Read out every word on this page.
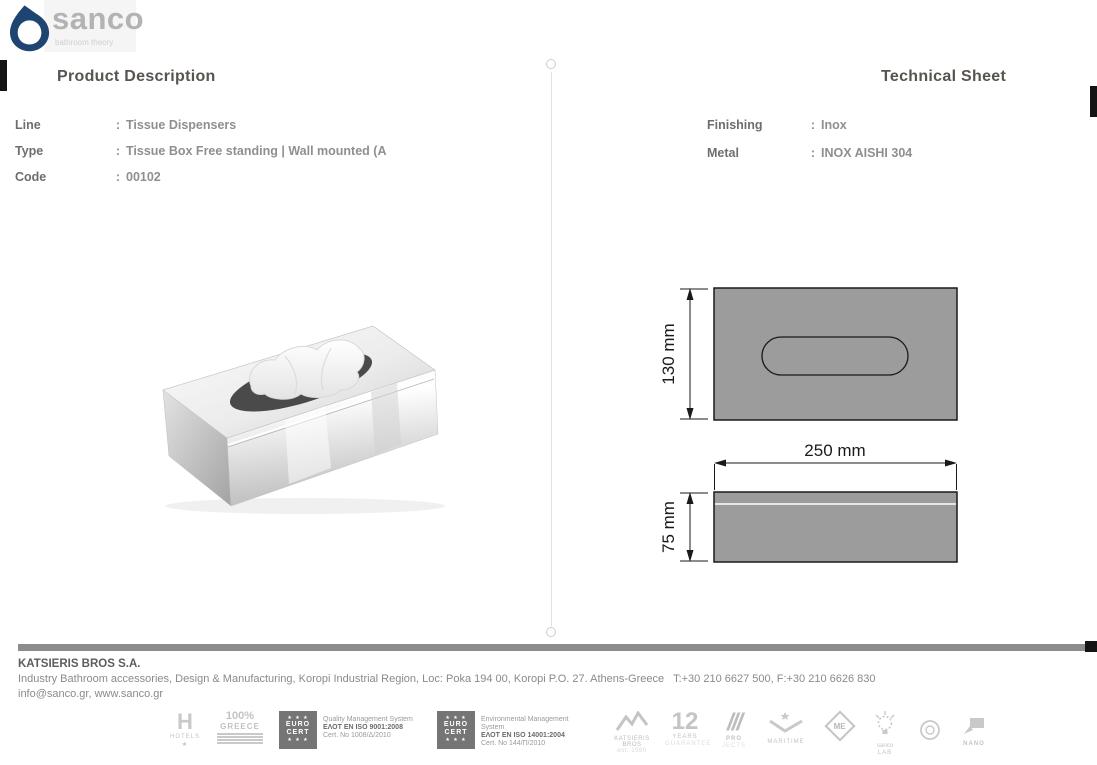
sanco
bathroom theory
Product Description	Technical Sheet
Line	: Tissue Dispensers
Type	: Tissue Box Free standing | Wall mounted (A
Code	: 00102
Finishing	: Inox
Metal	: INOX AISHI 304
130 mm
250 mm
75 mm
KATSIERIS BROS S.A.
Industry Bathroom accessories, Design & Manufacturing, Koropi Industrial Region, Loc: Poka 194 00, Koropi P.O. 27. Athens-Greece   T:+30 210 6627 500, F:+30 210 6626 830
info@sanco.gr, www.sanco.gr
H
HOTELS
★
100%
GREECE
★ ★ ★
EURO
CERT
★ ★ ★
Quality Management System
ΕΛΟΤ EN ISO 9001:2008
Cert. No 1008/Δ/2010
★ ★ ★
EURO
CERT
★ ★ ★
Environmental Management System
ΕΛΟΤ EN ISO 14001:2004
Cert. No 144/Π/2010
KATSIERIS
BROS
est. 1980
12
YEARS
GUARANTEE
///
PRO
JECTS
MARITIME
ME
sanco
LAB
NANO
